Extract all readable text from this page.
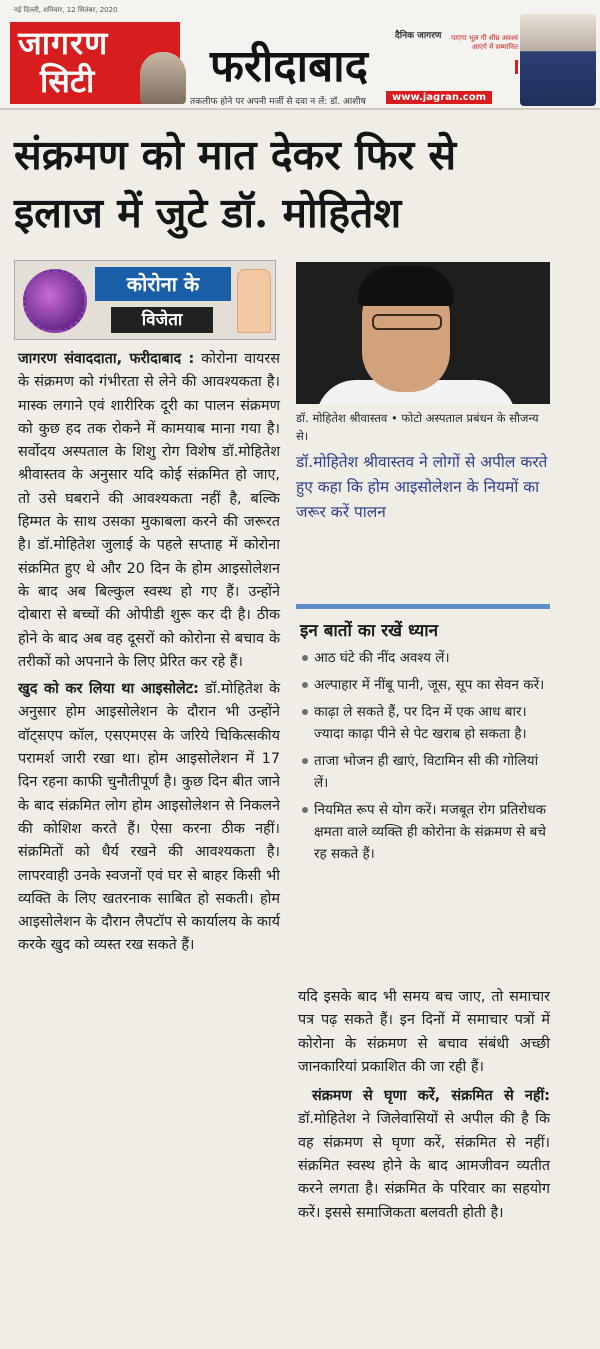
नई दिल्ली, शनिवार, 12 सितंबर, 2020
जागरण
सिटी
दैनिक जागरण
फरीदाबाद
तकलीफ होने पर अपनी मर्जी से दवा न लें: डॉ. आशीष	www.jagran.com
पाएगा भूल गी शीघ्र अवश्यं आएंगे में सम्मानित
संक्रमण को मात देकर फिर से
इलाज में जुटे डॉ. मोहितेश
कोरोना के
विजेता

जागरण संवाददाता, फरीदाबाद : कोरोना वायरस के संक्रमण को गंभीरता से लेने की आवश्यकता है। मास्क लगाने एवं शारीरिक दूरी का पालन संक्रमण को कुछ हद तक रोकने में कामयाब माना गया है। सर्वोदय अस्पताल के शिशु रोग विशेष डॉ.मोहितेश श्रीवास्तव के अनुसार यदि कोई संक्रमित हो जाए, तो उसे घबराने की आवश्यकता नहीं है, बल्कि हिम्मत के साथ उसका मुकाबला करने की जरूरत है। डॉ.मोहितेश जुलाई के पहले सप्ताह में कोरोना संक्रमित हुए थे और 20 दिन के होम आइसोलेशन के बाद अब बिल्कुल स्वस्थ हो गए हैं। उन्होंने दोबारा से बच्चों की ओपीडी शुरू कर दी है। ठीक होने के बाद अब वह दूसरों को कोरोना से बचाव के तरीकों को अपनाने के लिए प्रेरित कर रहे हैं।

खुद को कर लिया था आइसोलेट: डॉ.मोहितेश के अनुसार होम आइसोलेशन के दौरान भी उन्होंने वॉट्सएप कॉल, एसएमएस के जरिये चिकित्सकीय परामर्श जारी रखा था। होम आइसोलेशन में 17 दिन रहना काफी चुनौतीपूर्ण है। कुछ दिन बीत जाने के बाद संक्रमित लोग होम आइसोलेशन से निकलने की कोशिश करते हैं। ऐसा करना ठीक नहीं। संक्रमितों को धैर्य रखने की आवश्यकता है। लापरवाही उनके स्वजनों एवं घर से बाहर किसी भी व्यक्ति के लिए खतरनाक साबित हो सकती। होम आइसोलेशन के दौरान लैपटॉप से कार्यालय के कार्य करके खुद को व्यस्त रख सकते हैं।

डॉ. मोहितेश श्रीवास्तव • फोटो अस्पताल प्रबंधन के सौजन्य से।
डॉ.मोहितेश श्रीवास्तव ने लोगों से अपील करते हुए कहा कि होम आइसोलेशन के नियमों का जरूर करें पालन
इन बातों का रखें ध्यान
आठ घंटे की नींद अवश्य लें।
अल्पाहार में नींबू पानी, जूस, सूप का सेवन करें।
काढ़ा ले सकते हैं, पर दिन में एक आध बार। ज्यादा काढ़ा पीने से पेट खराब हो सकता है।
ताजा भोजन ही खाएं, विटामिन सी की गोलियां लें।
नियमित रूप से योग करें। मजबूत रोग प्रतिरोधक क्षमता वाले व्यक्ति ही कोरोना के संक्रमण से बचे रह सकते हैं।

यदि इसके बाद भी समय बच जाए, तो समाचार पत्र पढ़ सकते हैं। इन दिनों में समाचार पत्रों में कोरोना के संक्रमण से बचाव संबंधी अच्छी जानकारियां प्रकाशित की जा रही हैं।

संक्रमण से घृणा करें, संक्रमित से नहीं: डॉ.मोहितेश ने जिलेवासियों से अपील की है कि वह संक्रमण से घृणा करें, संक्रमित से नहीं। संक्रमित स्वस्थ होने के बाद आमजीवन व्यतीत करने लगता है। संक्रमित के परिवार का सहयोग करें। इससे समाजिकता बलवती होती है।
